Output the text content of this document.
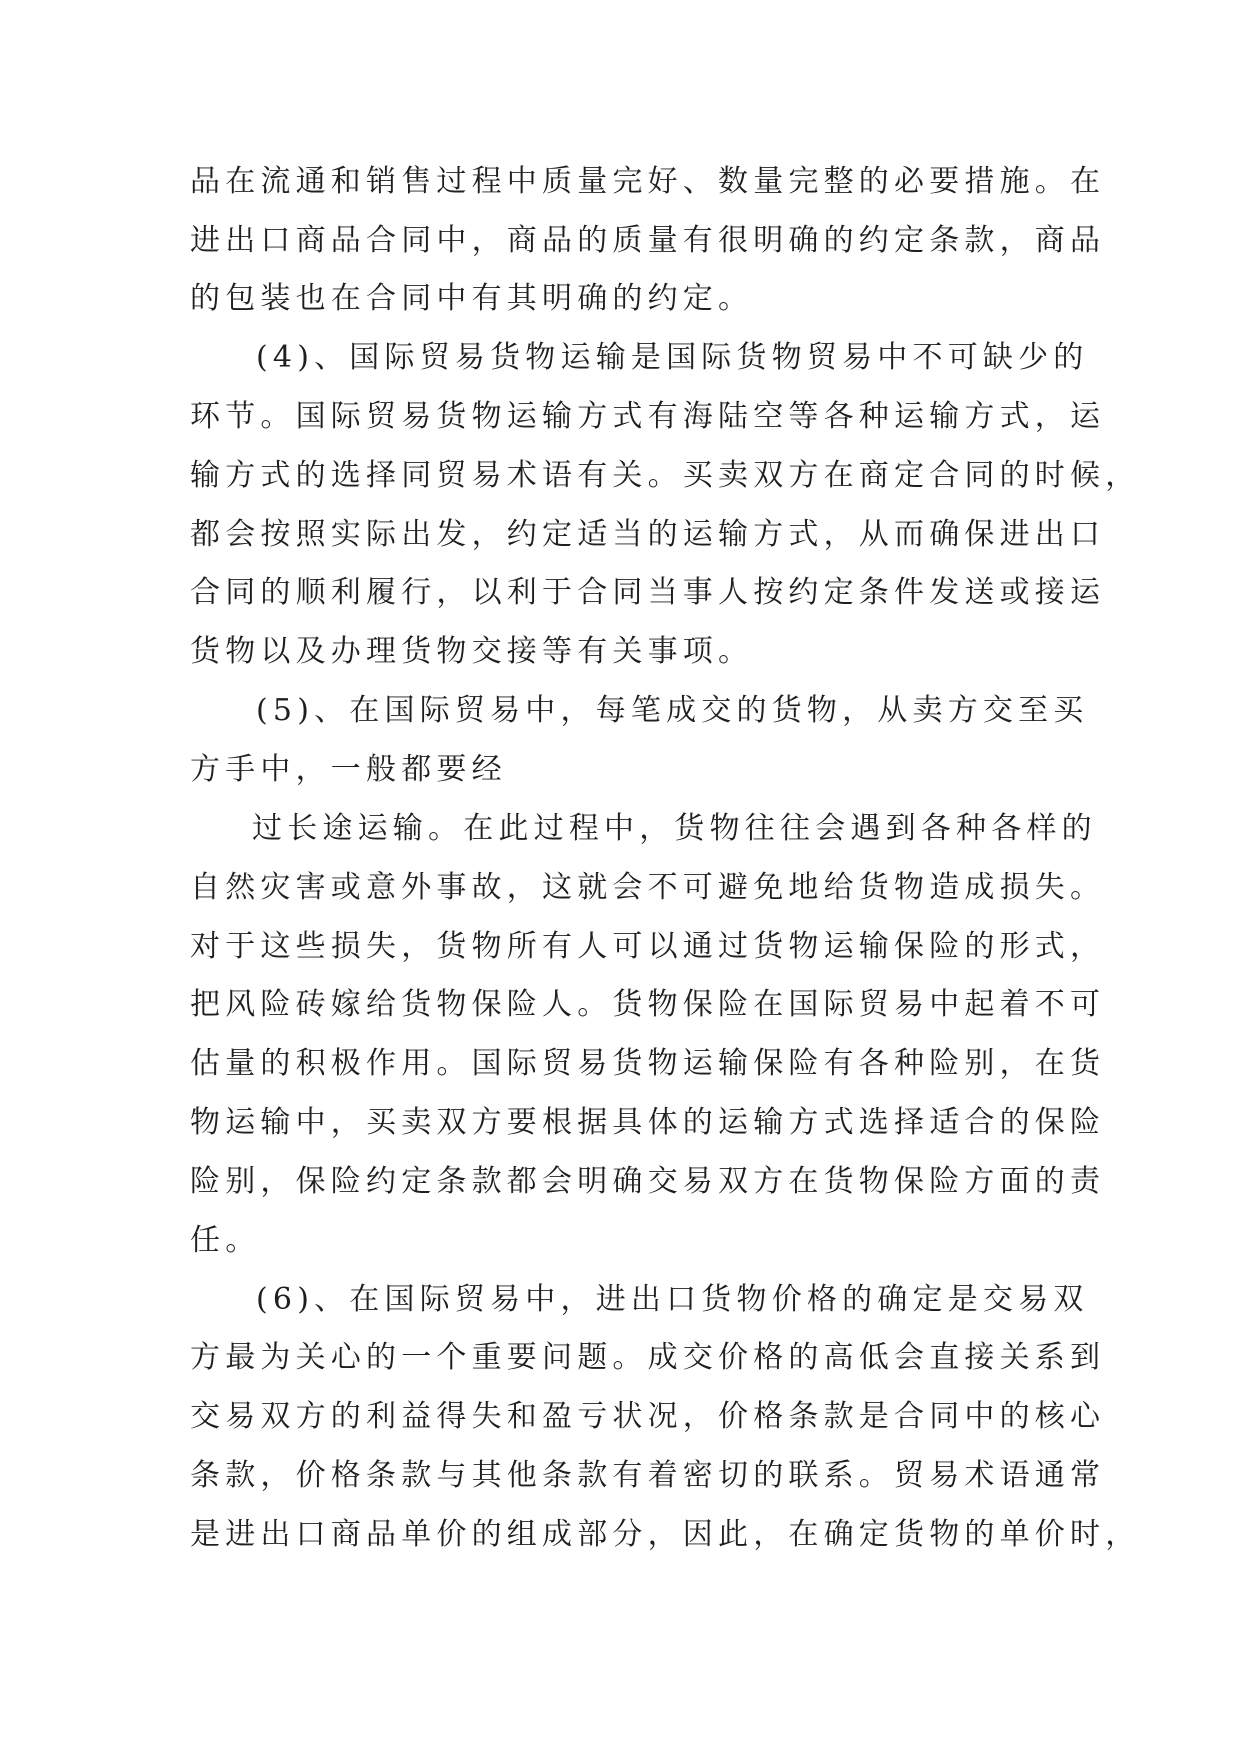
品在流通和销售过程中质量完好、数量完整的必要措施。在

进出口商品合同中，商品的质量有很明确的约定条款，商品

的包装也在合同中有其明确的约定。

(4)、国际贸易货物运输是国际货物贸易中不可缺少的

环节。国际贸易货物运输方式有海陆空等各种运输方式，运

输方式的选择同贸易术语有关。买卖双方在商定合同的时候，

都会按照实际出发，约定适当的运输方式，从而确保进出口

合同的顺利履行，以利于合同当事人按约定条件发送或接运

货物以及办理货物交接等有关事项。

(5)、在国际贸易中，每笔成交的货物，从卖方交至买

方手中，一般都要经

过长途运输。在此过程中，货物往往会遇到各种各样的

自然灾害或意外事故，这就会不可避免地给货物造成损失。

对于这些损失，货物所有人可以通过货物运输保险的形式，

把风险砖嫁给货物保险人。货物保险在国际贸易中起着不可

估量的积极作用。国际贸易货物运输保险有各种险别，在货

物运输中，买卖双方要根据具体的运输方式选择适合的保险

险别，保险约定条款都会明确交易双方在货物保险方面的责

任。

(6)、在国际贸易中，进出口货物价格的确定是交易双

方最为关心的一个重要问题。成交价格的高低会直接关系到

交易双方的利益得失和盈亏状况，价格条款是合同中的核心

条款，价格条款与其他条款有着密切的联系。贸易术语通常

是进出口商品单价的组成部分，因此，在确定货物的单价时，
